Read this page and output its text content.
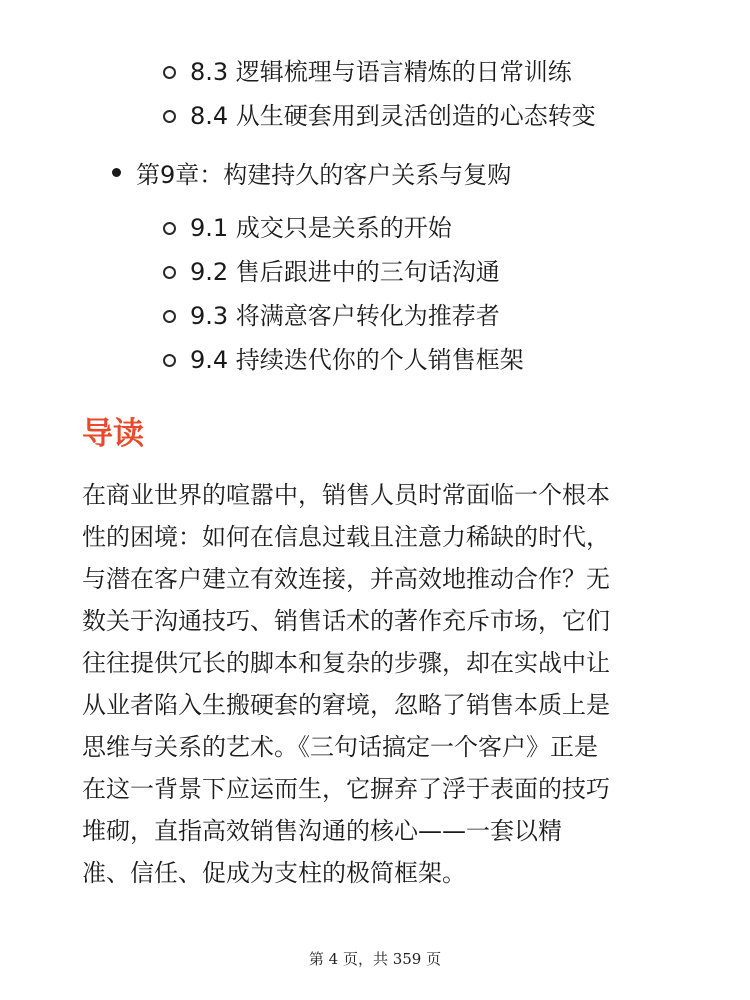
8.3 逻辑梳理与语言精炼的日常训练
8.4 从生硬套用到灵活创造的心态转变
第9章：构建持久的客户关系与复购
9.1 成交只是关系的开始
9.2 售后跟进中的三句话沟通
9.3 将满意客户转化为推荐者
9.4 持续迭代你的个人销售框架
导读
在商业世界的喧嚣中，销售人员时常面临一个根本
性的困境：如何在信息过载且注意力稀缺的时代，
与潜在客户建立有效连接，并高效地推动合作？无
数关于沟通技巧、销售话术的著作充斥市场，它们
往往提供冗长的脚本和复杂的步骤，却在实战中让
从业者陷入生搬硬套的窘境，忽略了销售本质上是
思维与关系的艺术。《三句话搞定一个客户》正是
在这一背景下应运而生，它摒弃了浮于表面的技巧
堆砌，直指高效销售沟通的核心——一套以精
准、信任、促成为支柱的极简框架。
第 4 页，共 359 页
